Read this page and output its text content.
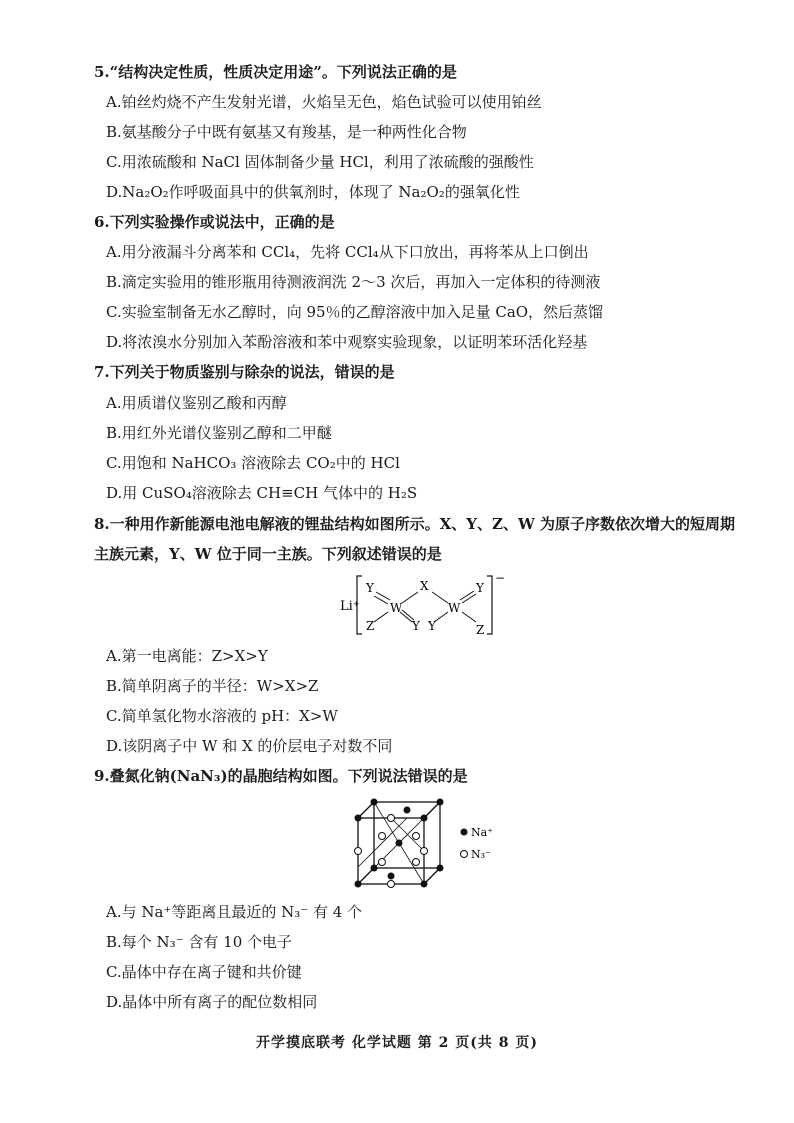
5.“结构决定性质，性质决定用途”。下列说法正确的是
A.铂丝灼烧不产生发射光谱，火焰呈无色，焰色试验可以使用铂丝
B.氨基酸分子中既有氨基又有羧基，是一种两性化合物
C.用浓硫酸和 NaCl 固体制备少量 HCl，利用了浓硫酸的强酸性
D.Na₂O₂作呼吸面具中的供氧剂时，体现了 Na₂O₂的强氧化性
6.下列实验操作或说法中，正确的是
A.用分液漏斗分离苯和 CCl₄，先将 CCl₄从下口放出，再将苯从上口倒出
B.滴定实验用的锥形瓶用待测液润洗 2～3 次后，再加入一定体积的待测液
C.实验室制备无水乙醇时，向 95％的乙醇溶液中加入足量 CaO，然后蒸馏
D.将浓溴水分别加入苯酚溶液和苯中观察实验现象，以证明苯环活化羟基
7.下列关于物质鉴别与除杂的说法，错误的是
A.用质谱仪鉴别乙酸和丙醇
B.用红外光谱仪鉴别乙醇和二甲醚
C.用饱和 NaHCO₃ 溶液除去 CO₂中的 HCl
D.用 CuSO₄溶液除去 CH≡CH 气体中的 H₂S
8.一种用作新能源电池电解液的锂盐结构如图所示。X、Y、Z、W 为原子序数依次增大的短周期
主族元素，Y、W 位于同一主族。下列叙述错误的是
Li⁺
−
Y	X	Y
W	W
Z	Y Y	Z
A.第一电离能：Z>X>Y
B.简单阴离子的半径：W>X>Z
C.简单氢化物水溶液的 pH：X>W
D.该阴离子中 W 和 X 的价层电子对数不同
9.叠氮化钠(NaN₃)的晶胞结构如图。下列说法错误的是
Na⁺
N₃⁻
A.与 Na⁺等距离且最近的 N₃⁻ 有 4 个
B.每个 N₃⁻ 含有 10 个电子
C.晶体中存在离子键和共价键
D.晶体中所有离子的配位数相同
开学摸底联考 化学试题 第 2 页(共 8 页)
